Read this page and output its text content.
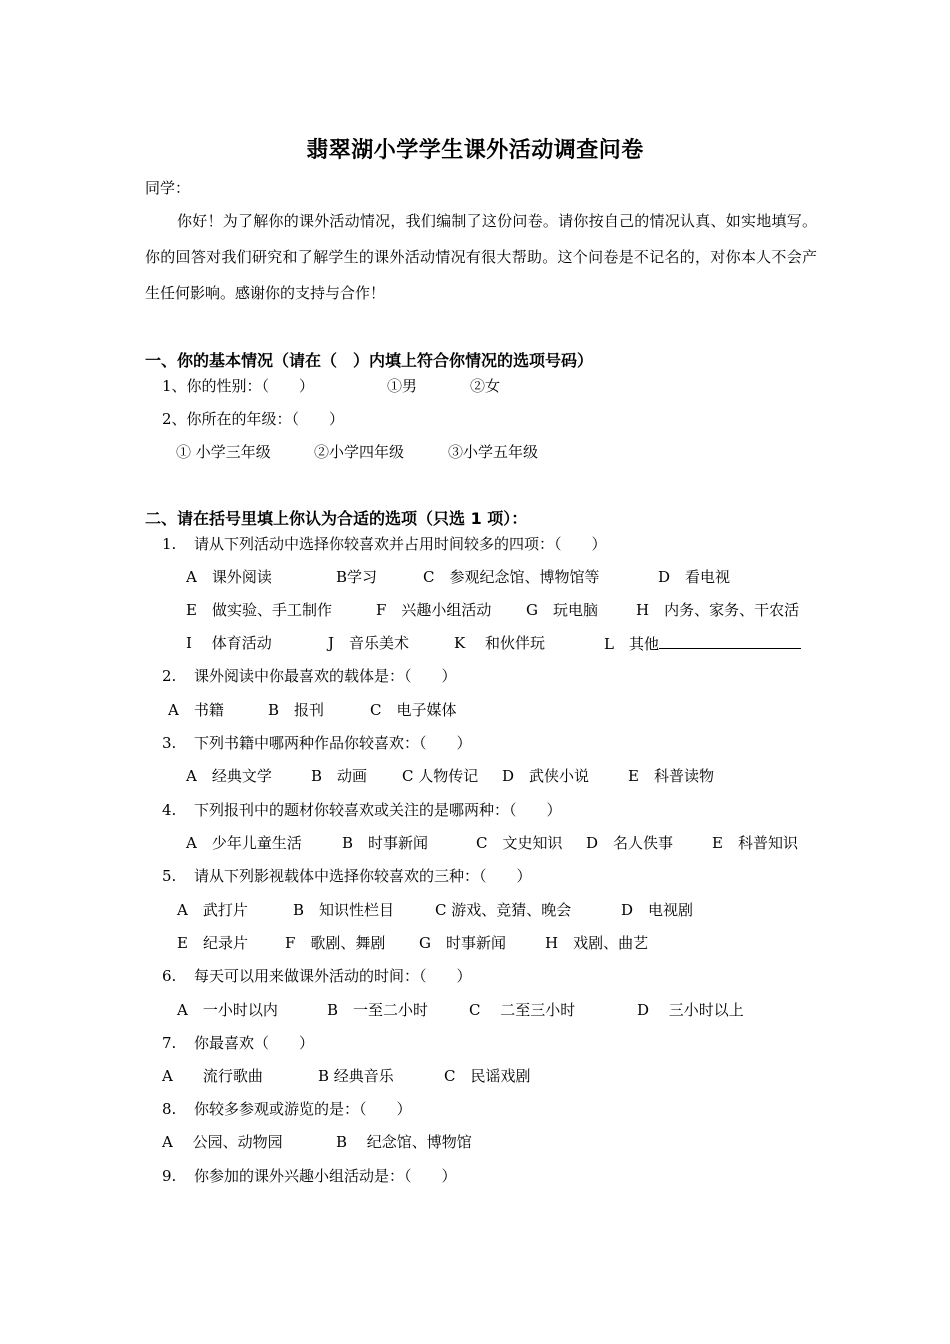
翡翠湖小学学生课外活动调查问卷
同学：
你好！为了解你的课外活动情况，我们编制了这份问卷。请你按自己的情况认真、如实地填写。你的回答对我们研究和了解学生的课外活动情况有很大帮助。这个问卷是不记名的，对你本人不会产生任何影响。感谢你的支持与合作！
一、你的基本情况（请在（　）内填上符合你情况的选项号码）
1、你的性别：（　　）	①男	②女
2、你所在的年级：（　　）
① 小学三年级	②小学四年级	③小学五年级
二、请在括号里填上你认为合适的选项（只选 1 项）：
1. 请从下列活动中选择你较喜欢并占用时间较多的四项：（　　）
A　课外阅读	B学习	C　参观纪念馆、博物馆等	D　看电视
E　做实验、手工制作	F　兴趣小组活动 G　玩电脑	H　内务、家务、干农活
I　 体育活动	J　音乐美术	K　 和伙伴玩	L　其他
2. 课外阅读中你最喜欢的载体是：（　　）
A　书籍	B　报刊	C　电子媒体
3. 下列书籍中哪两种作品你较喜欢：（　　）
A　经典文学	B　动画 C 人物传记 D　武侠小说	E　科普读物
4. 下列报刊中的题材你较喜欢或关注的是哪两种：（　　）
A　少年儿童生活	B　时事新闻	C　文史知识 D　名人佚事	E　科普知识
5. 请从下列影视载体中选择你较喜欢的三种：（　　）
A　武打片	B　知识性栏目	C 游戏、竞猜、晚会	D　电视剧
E　纪录片 F　歌剧、舞剧 G　时事新闻	H　戏剧、曲艺
6. 每天可以用来做课外活动的时间：（　　）
A　一小时以内	B　一至二小时	C　 二至三小时	D　 三小时以上
7. 你最喜欢（　　）
A　　流行歌曲	B 经典音乐	C　民谣戏剧
8. 你较多参观或游览的是：（　　）
A　 公园、动物园	B　 纪念馆、博物馆
9. 你参加的课外兴趣小组活动是：（　　）
